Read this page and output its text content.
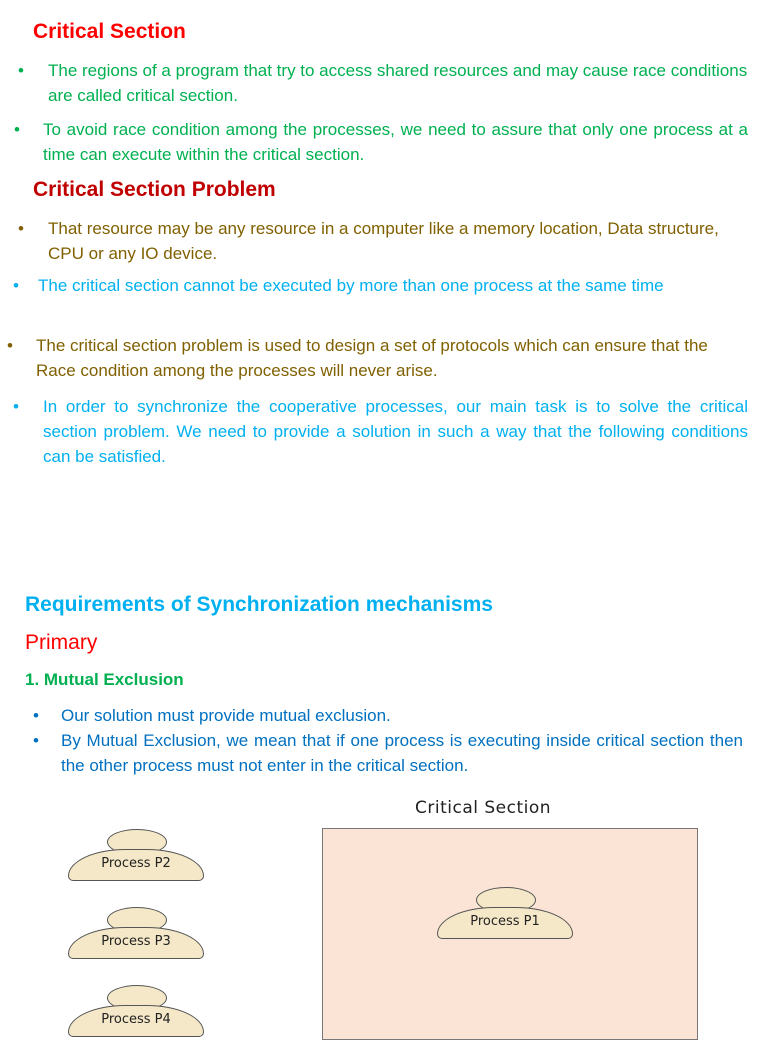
Critical Section
• The regions of a program that try to access shared resources and may cause race conditions are called critical section.
• To avoid race condition among the processes, we need to assure that only one process at a time can execute within the critical section.
Critical Section Problem
• That resource may be any resource in a computer like a memory location, Data structure, CPU or any IO device.
• The critical section cannot be executed by more than one process at the same time
• The critical section problem is used to design a set of protocols which can ensure that the Race condition among the processes will never arise.
• In order to synchronize the cooperative processes, our main task is to solve the critical section problem. We need to provide a solution in such a way that the following conditions can be satisfied.
Requirements of Synchronization mechanisms
Primary
1. Mutual Exclusion
• Our solution must provide mutual exclusion.
• By Mutual Exclusion, we mean that if one process is executing inside critical section then the other process must not enter in the critical section.
Critical Section
Process P2
Process P3
Process P4
Process P1
